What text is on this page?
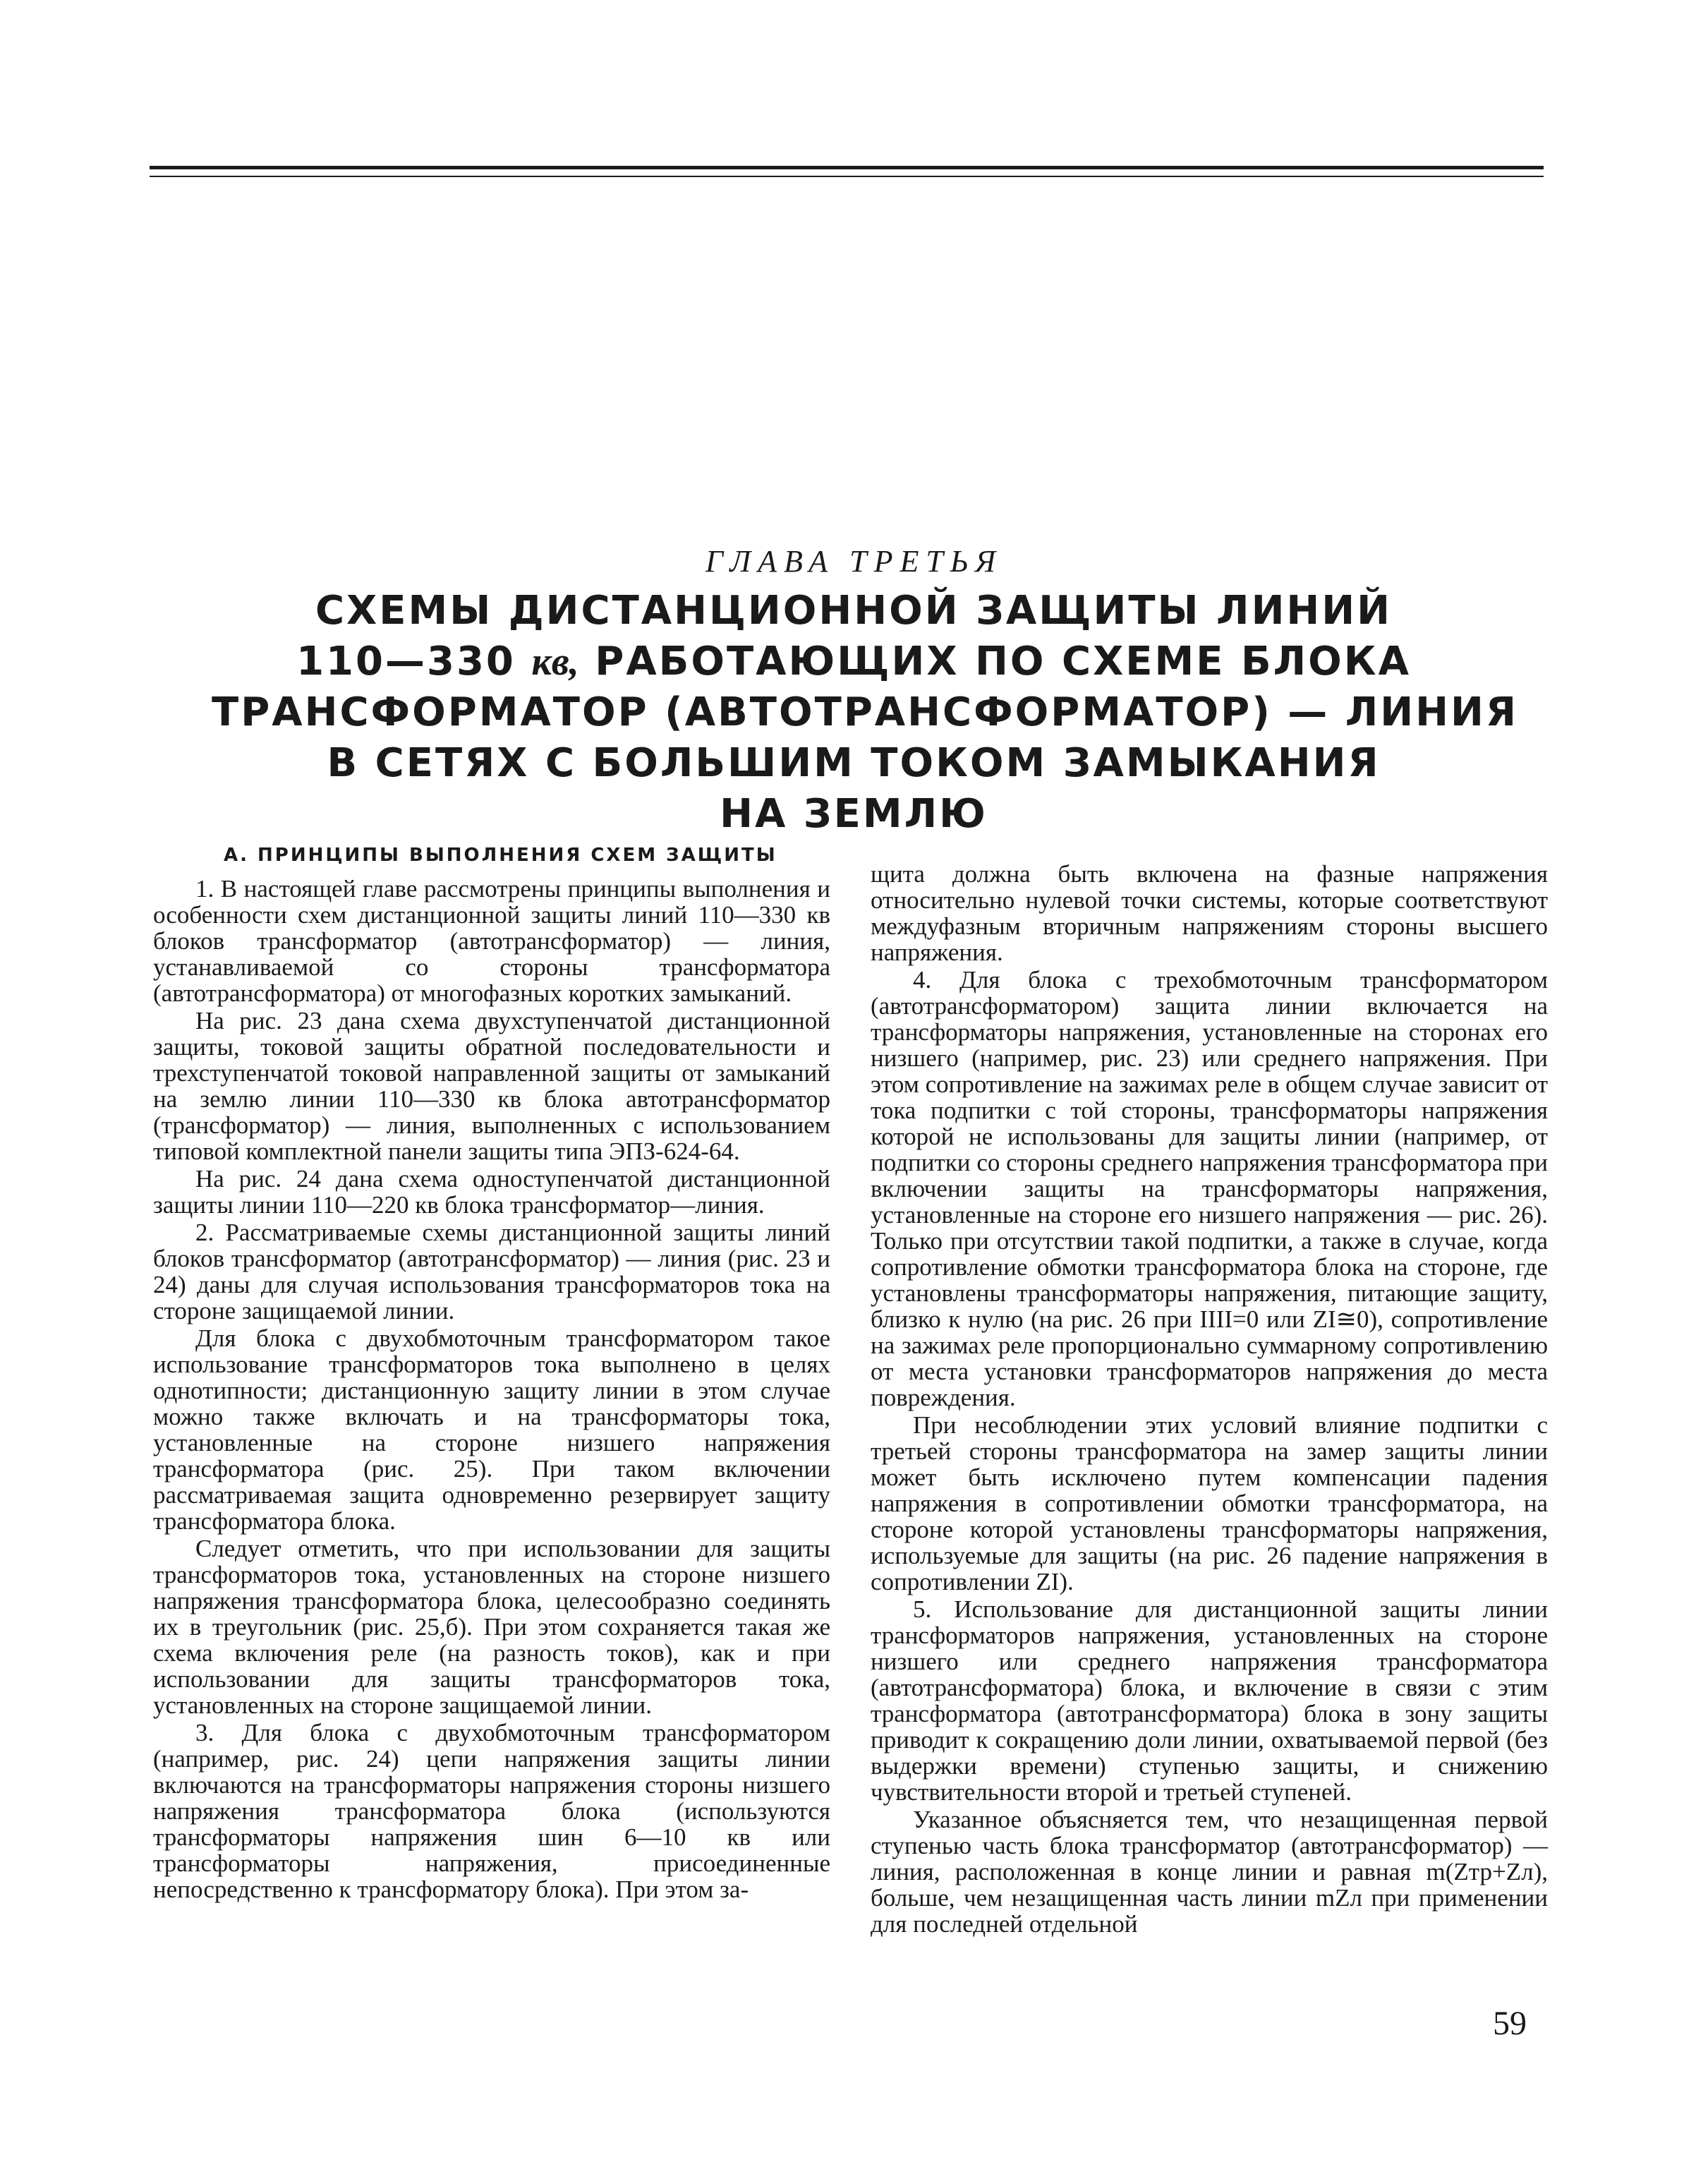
ГЛАВА ТРЕТЬЯ
СХЕМЫ ДИСТАНЦИОННОЙ ЗАЩИТЫ ЛИНИЙ
110—330 кв, РАБОТАЮЩИХ ПО СХЕМЕ БЛОКА
ТРАНСФОРМАТОР (АВТОТРАНСФОРМАТОР) — ЛИНИЯ
В СЕТЯХ С БОЛЬШИМ ТОКОМ ЗАМЫКАНИЯ
НА ЗЕМЛЮ
А. ПРИНЦИПЫ ВЫПОЛНЕНИЯ СХЕМ ЗАЩИТЫ

1. В настоящей главе рассмотрены принципы выполнения и особенности схем дистанционной защиты линий 110—330 кв блоков трансформатор (автотрансформатор) — линия, устанавливаемой со стороны трансформатора (автотрансформатора) от многофазных коротких замыканий.

На рис. 23 дана схема двухступенчатой дистанционной защиты, токовой защиты обратной последовательности и трехступенчатой токовой направленной защиты от замыканий на землю линии 110—330 кв блока автотрансформатор (трансформатор) — линия, выполненных с использованием типовой комплектной панели защиты типа ЭПЗ-624-64.

На рис. 24 дана схема одноступенчатой дистанционной защиты линии 110—220 кв блока трансформатор—линия.

2. Рассматриваемые схемы дистанционной защиты линий блоков трансформатор (автотрансформатор) — линия (рис. 23 и 24) даны для случая использования трансформаторов тока на стороне защищаемой линии.

Для блока с двухобмоточным трансформатором такое использование трансформаторов тока выполнено в целях однотипности; дистанционную защиту линии в этом случае можно также включать и на трансформаторы тока, установленные на стороне низшего напряжения трансформатора (рис. 25). При таком включении рассматриваемая защита одновременно резервирует защиту трансформатора блока.

Следует отметить, что при использовании для защиты трансформаторов тока, установленных на стороне низшего напряжения трансформатора блока, целесообразно соединять их в треугольник (рис. 25,б). При этом сохраняется такая же схема включения реле (на разность токов), как и при использовании для защиты трансформаторов тока, установленных на стороне защищаемой линии.

3. Для блока с двухобмоточным трансформатором (например, рис. 24) цепи напряжения защиты линии включаются на трансформаторы напряжения стороны низшего напряжения трансформатора блока (используются трансформаторы напряжения шин 6—10 кв или трансформаторы напряжения, присоединенные непосредственно к трансформатору блока). При этом за-

щита должна быть включена на фазные напряжения относительно нулевой точки системы, которые соответствуют междуфазным вторичным напряжениям стороны высшего напряжения.

4. Для блока с трехобмоточным трансформатором (автотрансформатором) защита линии включается на трансформаторы напряжения, установленные на сторонах его низшего (например, рис. 23) или среднего напряжения. При этом сопротивление на зажимах реле в общем случае зависит от тока подпитки с той стороны, трансформаторы напряжения которой не использованы для защиты линии (например, от подпитки со стороны среднего напряжения трансформатора при включении защиты на трансформаторы напряжения, установленные на стороне его низшего напряжения — рис. 26). Только при отсутствии такой подпитки, а также в случае, когда сопротивление обмотки трансформатора блока на стороне, где установлены трансформаторы напряжения, питающие защиту, близко к нулю (на рис. 26 при IIII=0 или ZI≅0), сопротивление на зажимах реле пропорционально суммарному сопротивлению от места установки трансформаторов напряжения до места повреждения.

При несоблюдении этих условий влияние подпитки с третьей стороны трансформатора на замер защиты линии может быть исключено путем компенсации падения напряжения в сопротивлении обмотки трансформатора, на стороне которой установлены трансформаторы напряжения, используемые для защиты (на рис. 26 падение напряжения в сопротивлении ZI).

5. Использование для дистанционной защиты линии трансформаторов напряжения, установленных на стороне низшего или среднего напряжения трансформатора (автотрансформатора) блока, и включение в связи с этим трансформатора (автотрансформатора) блока в зону защиты приводит к сокращению доли линии, охватываемой первой (без выдержки времени) ступенью защиты, и снижению чувствительности второй и третьей ступеней.

Указанное объясняется тем, что незащищенная первой ступенью часть блока трансформатор (автотрансформатор) — линия, расположенная в конце линии и равная m(Zтр+Zл), больше, чем незащищенная часть линии mZл при применении для последней отдельной

59
